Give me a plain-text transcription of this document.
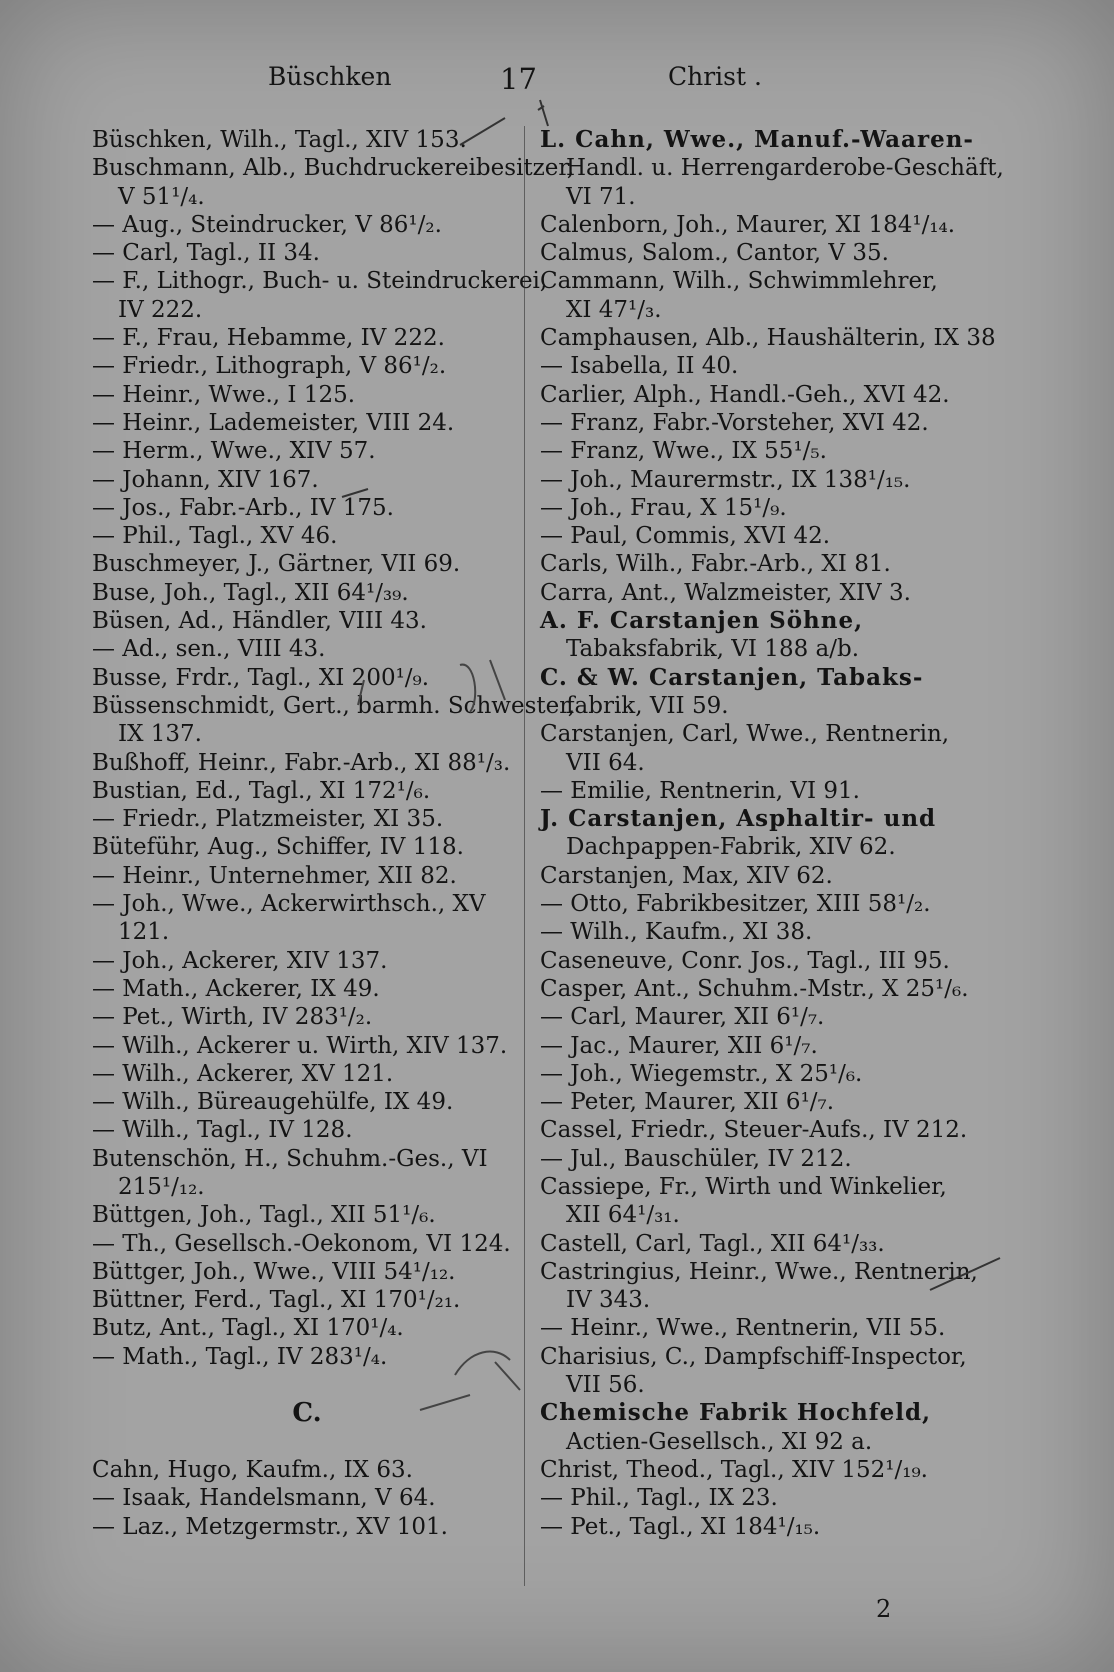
Büschken	17	Christ .
Büschken, Wilh., Tagl., XIV 153.
Buschmann, Alb., Buchdruckereibesitzer,
V 51¹/₄.
— Aug., Steindrucker, V 86¹/₂.
— Carl, Tagl., II 34.
— F., Lithogr., Buch- u. Steindruckerei,
IV 222.
— F., Frau, Hebamme, IV 222.
— Friedr., Lithograph, V 86¹/₂.
— Heinr., Wwe., I 125.
— Heinr., Lademeister, VIII 24.
— Herm., Wwe., XIV 57.
— Johann, XIV 167.
— Jos., Fabr.-Arb., IV 175.
— Phil., Tagl., XV 46.
Buschmeyer, J., Gärtner, VII 69.
Buse, Joh., Tagl., XII 64¹/₃₉.
Büsen, Ad., Händler, VIII 43.
— Ad., sen., VIII 43.
Busse, Frdr., Tagl., XI 200¹/₉.
Büssenschmidt, Gert., barmh. Schwester,
IX 137.
Bußhoff, Heinr., Fabr.-Arb., XI 88¹/₃.
Bustian, Ed., Tagl., XI 172¹/₆.
— Friedr., Platzmeister, XI 35.
Büteführ, Aug., Schiffer, IV 118.
— Heinr., Unternehmer, XII 82.
— Joh., Wwe., Ackerwirthsch., XV
121.
— Joh., Ackerer, XIV 137.
— Math., Ackerer, IX 49.
— Pet., Wirth, IV 283¹/₂.
— Wilh., Ackerer u. Wirth, XIV 137.
— Wilh., Ackerer, XV 121.
— Wilh., Büreaugehülfe, IX 49.
— Wilh., Tagl., IV 128.
Butenschön, H., Schuhm.-Ges., VI
215¹/₁₂.
Büttgen, Joh., Tagl., XII 51¹/₆.
— Th., Gesellsch.-Oekonom, VI 124.
Büttger, Joh., Wwe., VIII 54¹/₁₂.
Büttner, Ferd., Tagl., XI 170¹/₂₁.
Butz, Ant., Tagl., XI 170¹/₄.
— Math., Tagl., IV 283¹/₄.
C.
Cahn, Hugo, Kaufm., IX 63.
— Isaak, Handelsmann, V 64.
— Laz., Metzgermstr., XV 101.
L. Cahn, Wwe., Manuf.-Waaren-
Handl. u. Herrengarderobe-Geschäft,
VI 71.
Calenborn, Joh., Maurer, XI 184¹/₁₄.
Calmus, Salom., Cantor, V 35.
Cammann, Wilh., Schwimmlehrer,
XI 47¹/₃.
Camphausen, Alb., Haushälterin, IX 38
— Isabella, II 40.
Carlier, Alph., Handl.-Geh., XVI 42.
— Franz, Fabr.-Vorsteher, XVI 42.
— Franz, Wwe., IX 55¹/₅.
— Joh., Maurermstr., IX 138¹/₁₅.
— Joh., Frau, X 15¹/₉.
— Paul, Commis, XVI 42.
Carls, Wilh., Fabr.-Arb., XI 81.
Carra, Ant., Walzmeister, XIV 3.
A. F. Carstanjen Söhne,
Tabaksfabrik, VI 188 a/b.
C. & W. Carstanjen, Tabaks-
fabrik, VII 59.
Carstanjen, Carl, Wwe., Rentnerin,
VII 64.
— Emilie, Rentnerin, VI 91.
J. Carstanjen, Asphaltir- und
Dachpappen-Fabrik, XIV 62.
Carstanjen, Max, XIV 62.
— Otto, Fabrikbesitzer, XIII 58¹/₂.
— Wilh., Kaufm., XI 38.
Caseneuve, Conr. Jos., Tagl., III 95.
Casper, Ant., Schuhm.-Mstr., X 25¹/₆.
— Carl, Maurer, XII 6¹/₇.
— Jac., Maurer, XII 6¹/₇.
— Joh., Wiegemstr., X 25¹/₆.
— Peter, Maurer, XII 6¹/₇.
Cassel, Friedr., Steuer-Aufs., IV 212.
— Jul., Bauschüler, IV 212.
Cassiepe, Fr., Wirth und Winkelier,
XII 64¹/₃₁.
Castell, Carl, Tagl., XII 64¹/₃₃.
Castringius, Heinr., Wwe., Rentnerin,
IV 343.
— Heinr., Wwe., Rentnerin, VII 55.
Charisius, C., Dampfschiff-Inspector,
VII 56.
Chemische Fabrik Hochfeld,
Actien-Gesellsch., XI 92 a.
Christ, Theod., Tagl., XIV 152¹/₁₉.
— Phil., Tagl., IX 23.
— Pet., Tagl., XI 184¹/₁₅.
2
